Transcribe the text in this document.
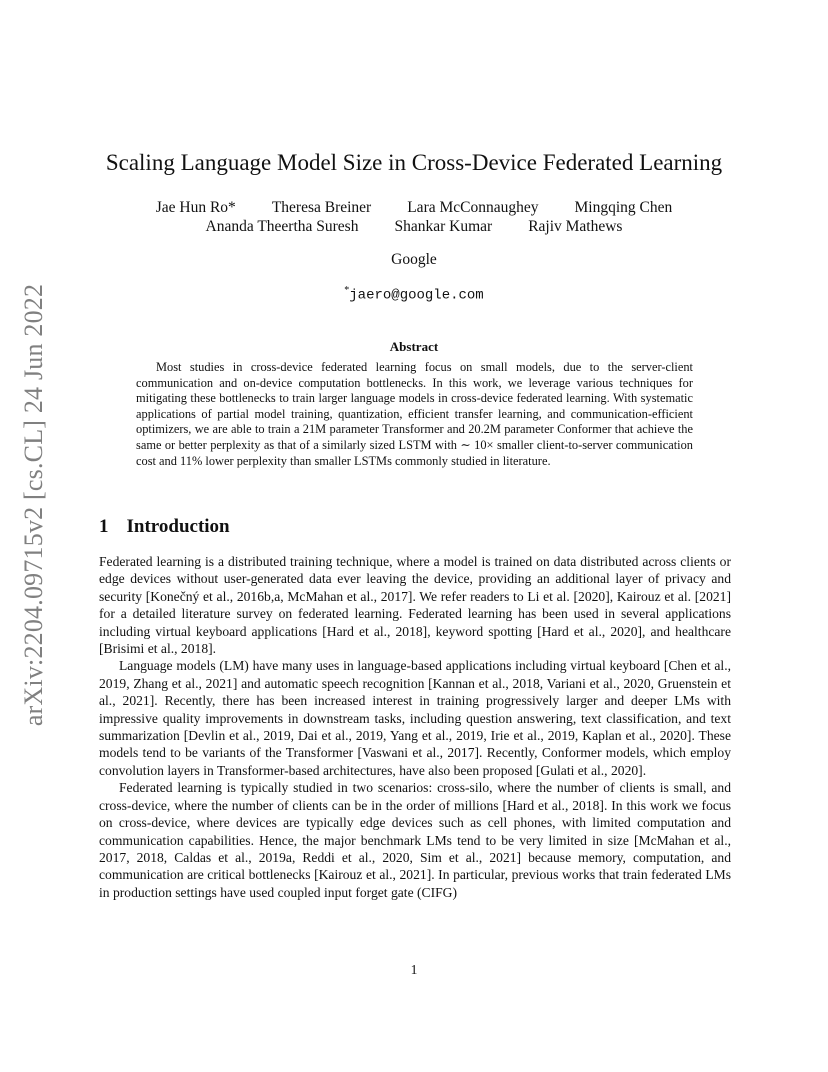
arXiv:2204.09715v2 [cs.CL] 24 Jun 2022
Scaling Language Model Size in Cross-Device Federated Learning
Jae Hun Ro* Theresa Breiner Lara McConnaughey Mingqing Chen
Ananda Theertha Suresh Shankar Kumar Rajiv Mathews
Google
*jaero@google.com
Abstract
Most studies in cross-device federated learning focus on small models, due to the server-client communication and on-device computation bottlenecks. In this work, we leverage various techniques for mitigating these bottlenecks to train larger language models in cross-device federated learning. With systematic applications of partial model training, quantization, efficient transfer learning, and communication-efficient optimizers, we are able to train a 21M parameter Transformer and 20.2M parameter Conformer that achieve the same or better perplexity as that of a similarly sized LSTM with ∼ 10× smaller client-to-server communication cost and 11% lower perplexity than smaller LSTMs commonly studied in literature.
1 Introduction

Federated learning is a distributed training technique, where a model is trained on data distributed across clients or edge devices without user-generated data ever leaving the device, providing an additional layer of privacy and security [Konečný et al., 2016b,a, McMahan et al., 2017]. We refer readers to Li et al. [2020], Kairouz et al. [2021] for a detailed literature survey on federated learning. Federated learning has been used in several applications including virtual keyboard applications [Hard et al., 2018], keyword spotting [Hard et al., 2020], and healthcare [Brisimi et al., 2018].

Language models (LM) have many uses in language-based applications including virtual keyboard [Chen et al., 2019, Zhang et al., 2021] and automatic speech recognition [Kannan et al., 2018, Variani et al., 2020, Gruenstein et al., 2021]. Recently, there has been increased interest in training progressively larger and deeper LMs with impressive quality improvements in downstream tasks, including question answering, text classification, and text summarization [Devlin et al., 2019, Dai et al., 2019, Yang et al., 2019, Irie et al., 2019, Kaplan et al., 2020]. These models tend to be variants of the Transformer [Vaswani et al., 2017]. Recently, Conformer models, which employ convolution layers in Transformer-based architectures, have also been proposed [Gulati et al., 2020].

Federated learning is typically studied in two scenarios: cross-silo, where the number of clients is small, and cross-device, where the number of clients can be in the order of millions [Hard et al., 2018]. In this work we focus on cross-device, where devices are typically edge devices such as cell phones, with limited computation and communication capabilities. Hence, the major benchmark LMs tend to be very limited in size [McMahan et al., 2017, 2018, Caldas et al., 2019a, Reddi et al., 2020, Sim et al., 2021] because memory, computation, and communication are critical bottlenecks [Kairouz et al., 2021]. In particular, previous works that train federated LMs in production settings have used coupled input forget gate (CIFG)

1
